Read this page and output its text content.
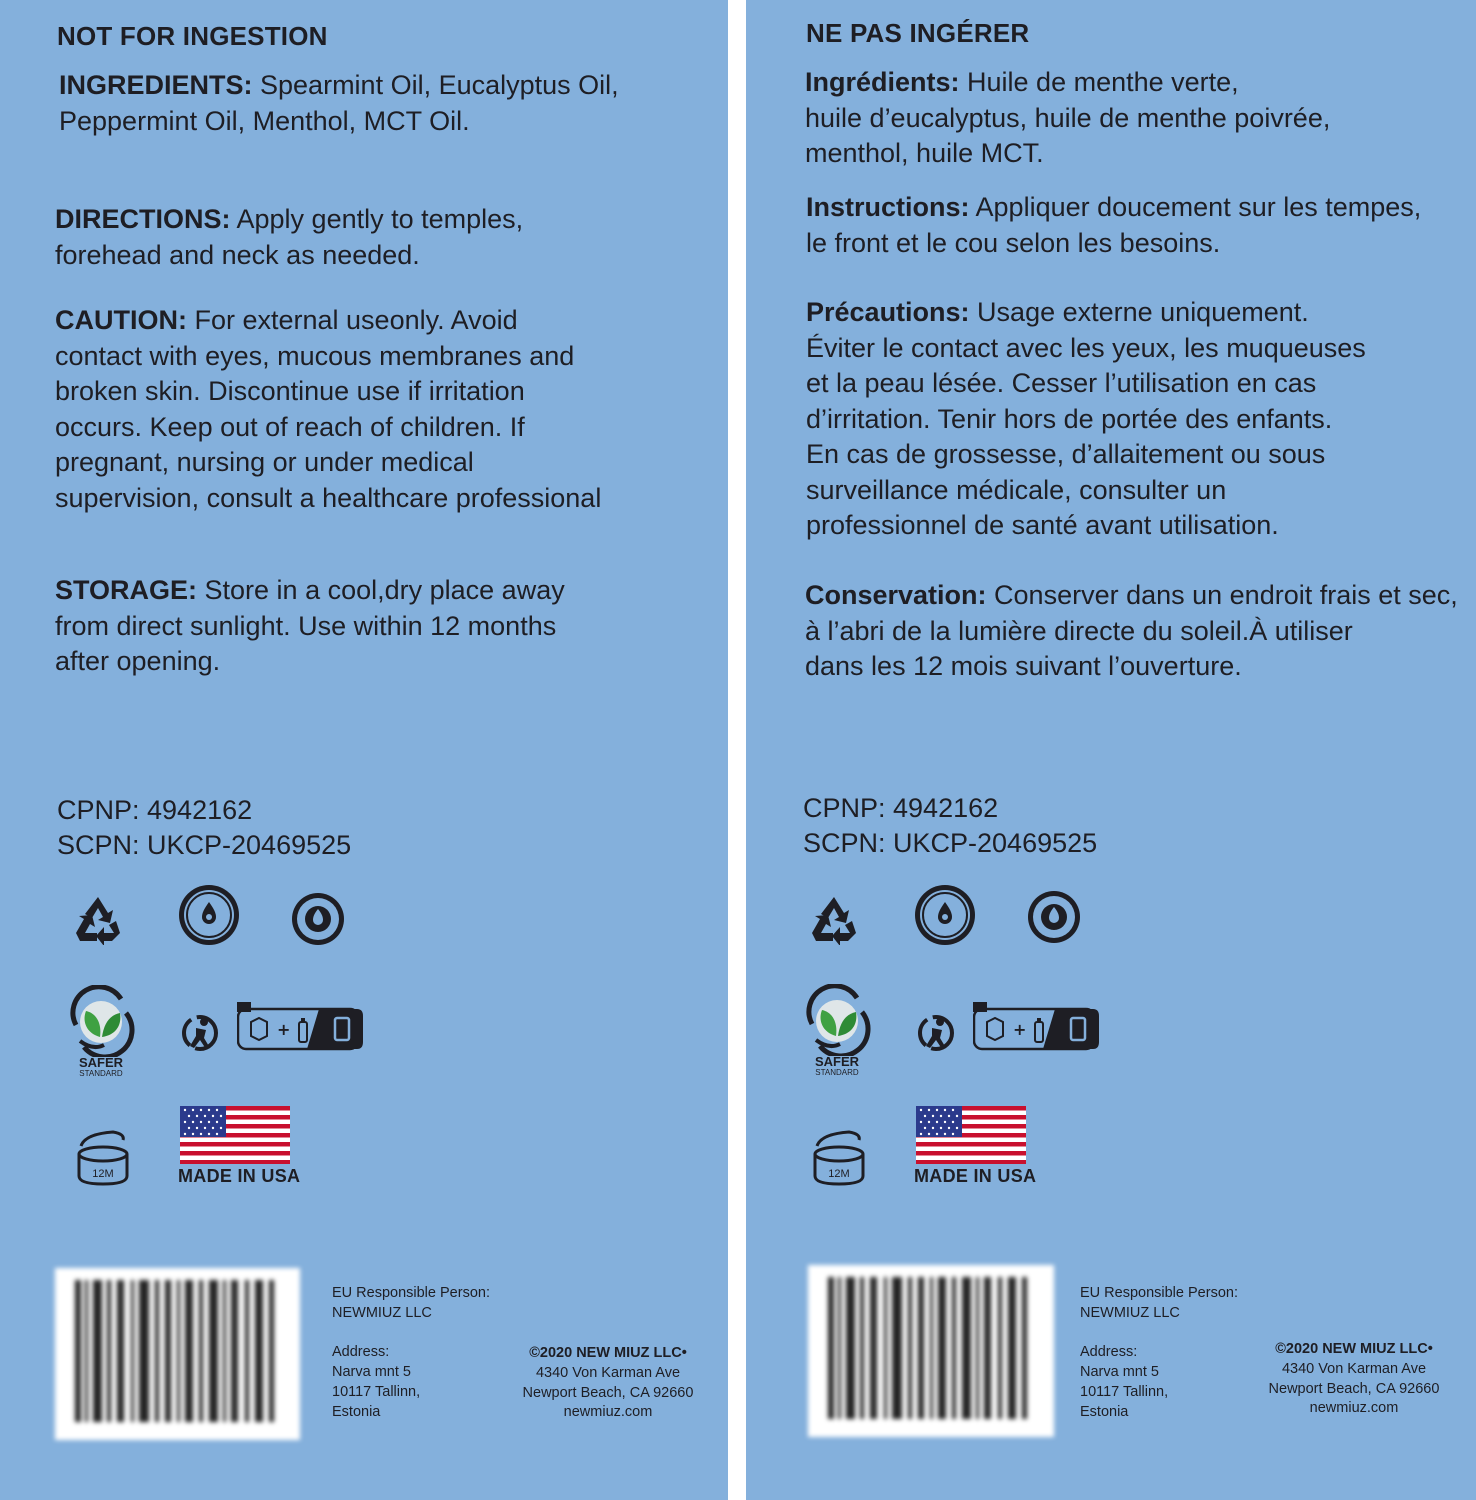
NOT FOR INGESTION
INGREDIENTS: Spearmint Oil, Eucalyptus Oil,
Peppermint Oil, Menthol, MCT Oil.
DIRECTIONS: Apply gently to temples,
forehead and neck as needed.
CAUTION: For external useonly. Avoid
contact with eyes, mucous membranes and
broken skin. Discontinue use if irritation
occurs. Keep out of reach of children. If
pregnant, nursing or under medical
supervision, consult a healthcare professional
STORAGE: Store in a cool,dry place away
from direct sunlight. Use within 12 months
after opening.
CPNP: 4942162
SCPN: UKCP-20469525
SAFER
STANDARD
+
12M	MADE IN USA
EU Responsible Person:
NEWMIUZ LLC
Address:
Narva mnt 5
10117 Tallinn,
Estonia
©2020 NEW MIUZ LLC•
4340 Von Karman Ave
Newport Beach, CA 92660
newmiuz.com
NE PAS INGÉRER
Ingrédients: Huile de menthe verte,
huile d’eucalyptus, huile de menthe poivrée,
menthol, huile MCT.
Instructions: Appliquer doucement sur les tempes,
le front et le cou selon les besoins.
Précautions: Usage externe uniquement.
Éviter le contact avec les yeux, les muqueuses
et la peau lésée. Cesser l’utilisation en cas
d’irritation. Tenir hors de portée des enfants.
En cas de grossesse, d’allaitement ou sous
surveillance médicale, consulter un
professionnel de santé avant utilisation.
Conservation: Conserver dans un endroit frais et sec,
à l’abri de la lumière directe du soleil.À utiliser
dans les 12 mois suivant l’ouverture.
CPNP: 4942162
SCPN: UKCP-20469525
SAFER
STANDARD
+
12M	MADE IN USA
EU Responsible Person:
NEWMIUZ LLC
Address:
Narva mnt 5
10117 Tallinn,
Estonia
©2020 NEW MIUZ LLC•
4340 Von Karman Ave
Newport Beach, CA 92660
newmiuz.com
